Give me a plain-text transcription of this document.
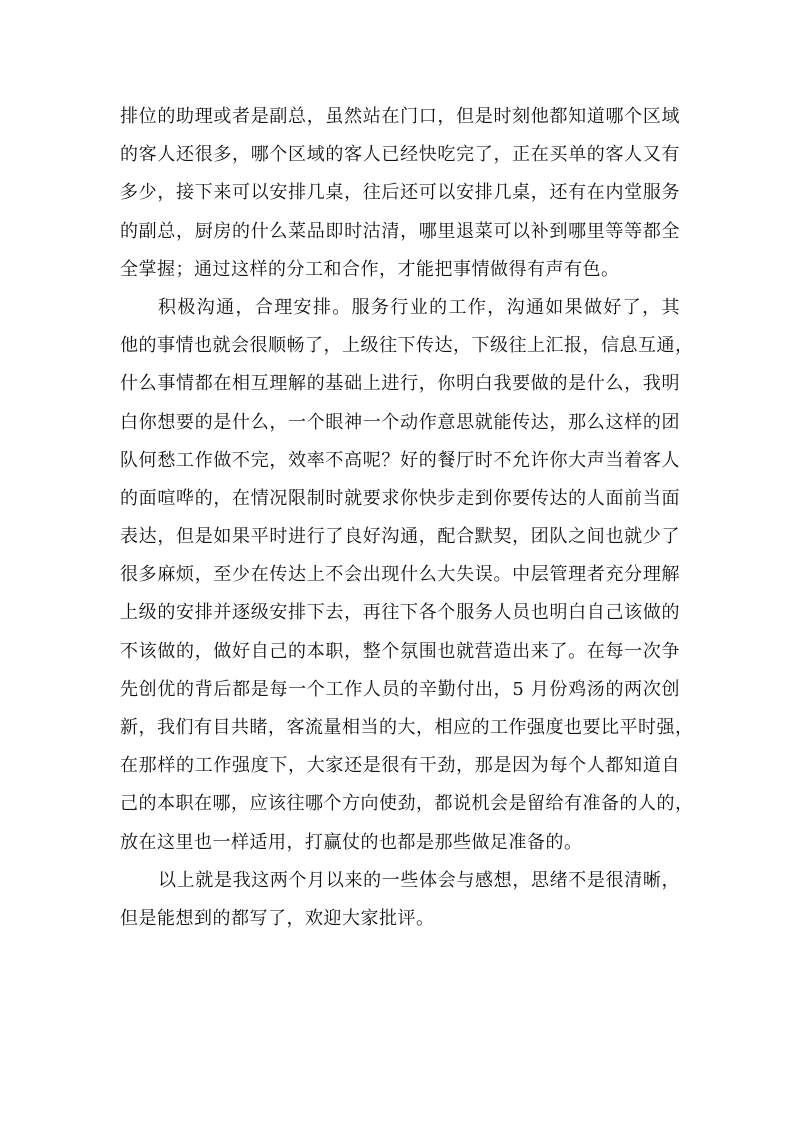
排位的助理或者是副总，虽然站在门口，但是时刻他都知道哪个区域
的客人还很多，哪个区域的客人已经快吃完了，正在买单的客人又有
多少，接下来可以安排几桌，往后还可以安排几桌，还有在内堂服务
的副总，厨房的什么菜品即时沽清，哪里退菜可以补到哪里等等都全
全掌握；通过这样的分工和合作，才能把事情做得有声有色。
积极沟通，合理安排。服务行业的工作，沟通如果做好了，其
他的事情也就会很顺畅了，上级往下传达，下级往上汇报，信息互通，
什么事情都在相互理解的基础上进行，你明白我要做的是什么，我明
白你想要的是什么，一个眼神一个动作意思就能传达，那么这样的团
队何愁工作做不完，效率不高呢？好的餐厅时不允许你大声当着客人
的面喧哗的，在情况限制时就要求你快步走到你要传达的人面前当面
表达，但是如果平时进行了良好沟通，配合默契，团队之间也就少了
很多麻烦，至少在传达上不会出现什么大失误。中层管理者充分理解
上级的安排并逐级安排下去，再往下各个服务人员也明白自己该做的
不该做的，做好自己的本职，整个氛围也就营造出来了。在每一次争
先创优的背后都是每一个工作人员的辛勤付出，5 月份鸡汤的两次创
新，我们有目共睹，客流量相当的大，相应的工作强度也要比平时强，
在那样的工作强度下，大家还是很有干劲，那是因为每个人都知道自
己的本职在哪，应该往哪个方向使劲，都说机会是留给有准备的人的，
放在这里也一样适用，打赢仗的也都是那些做足准备的。
以上就是我这两个月以来的一些体会与感想，思绪不是很清晰，
但是能想到的都写了，欢迎大家批评。
